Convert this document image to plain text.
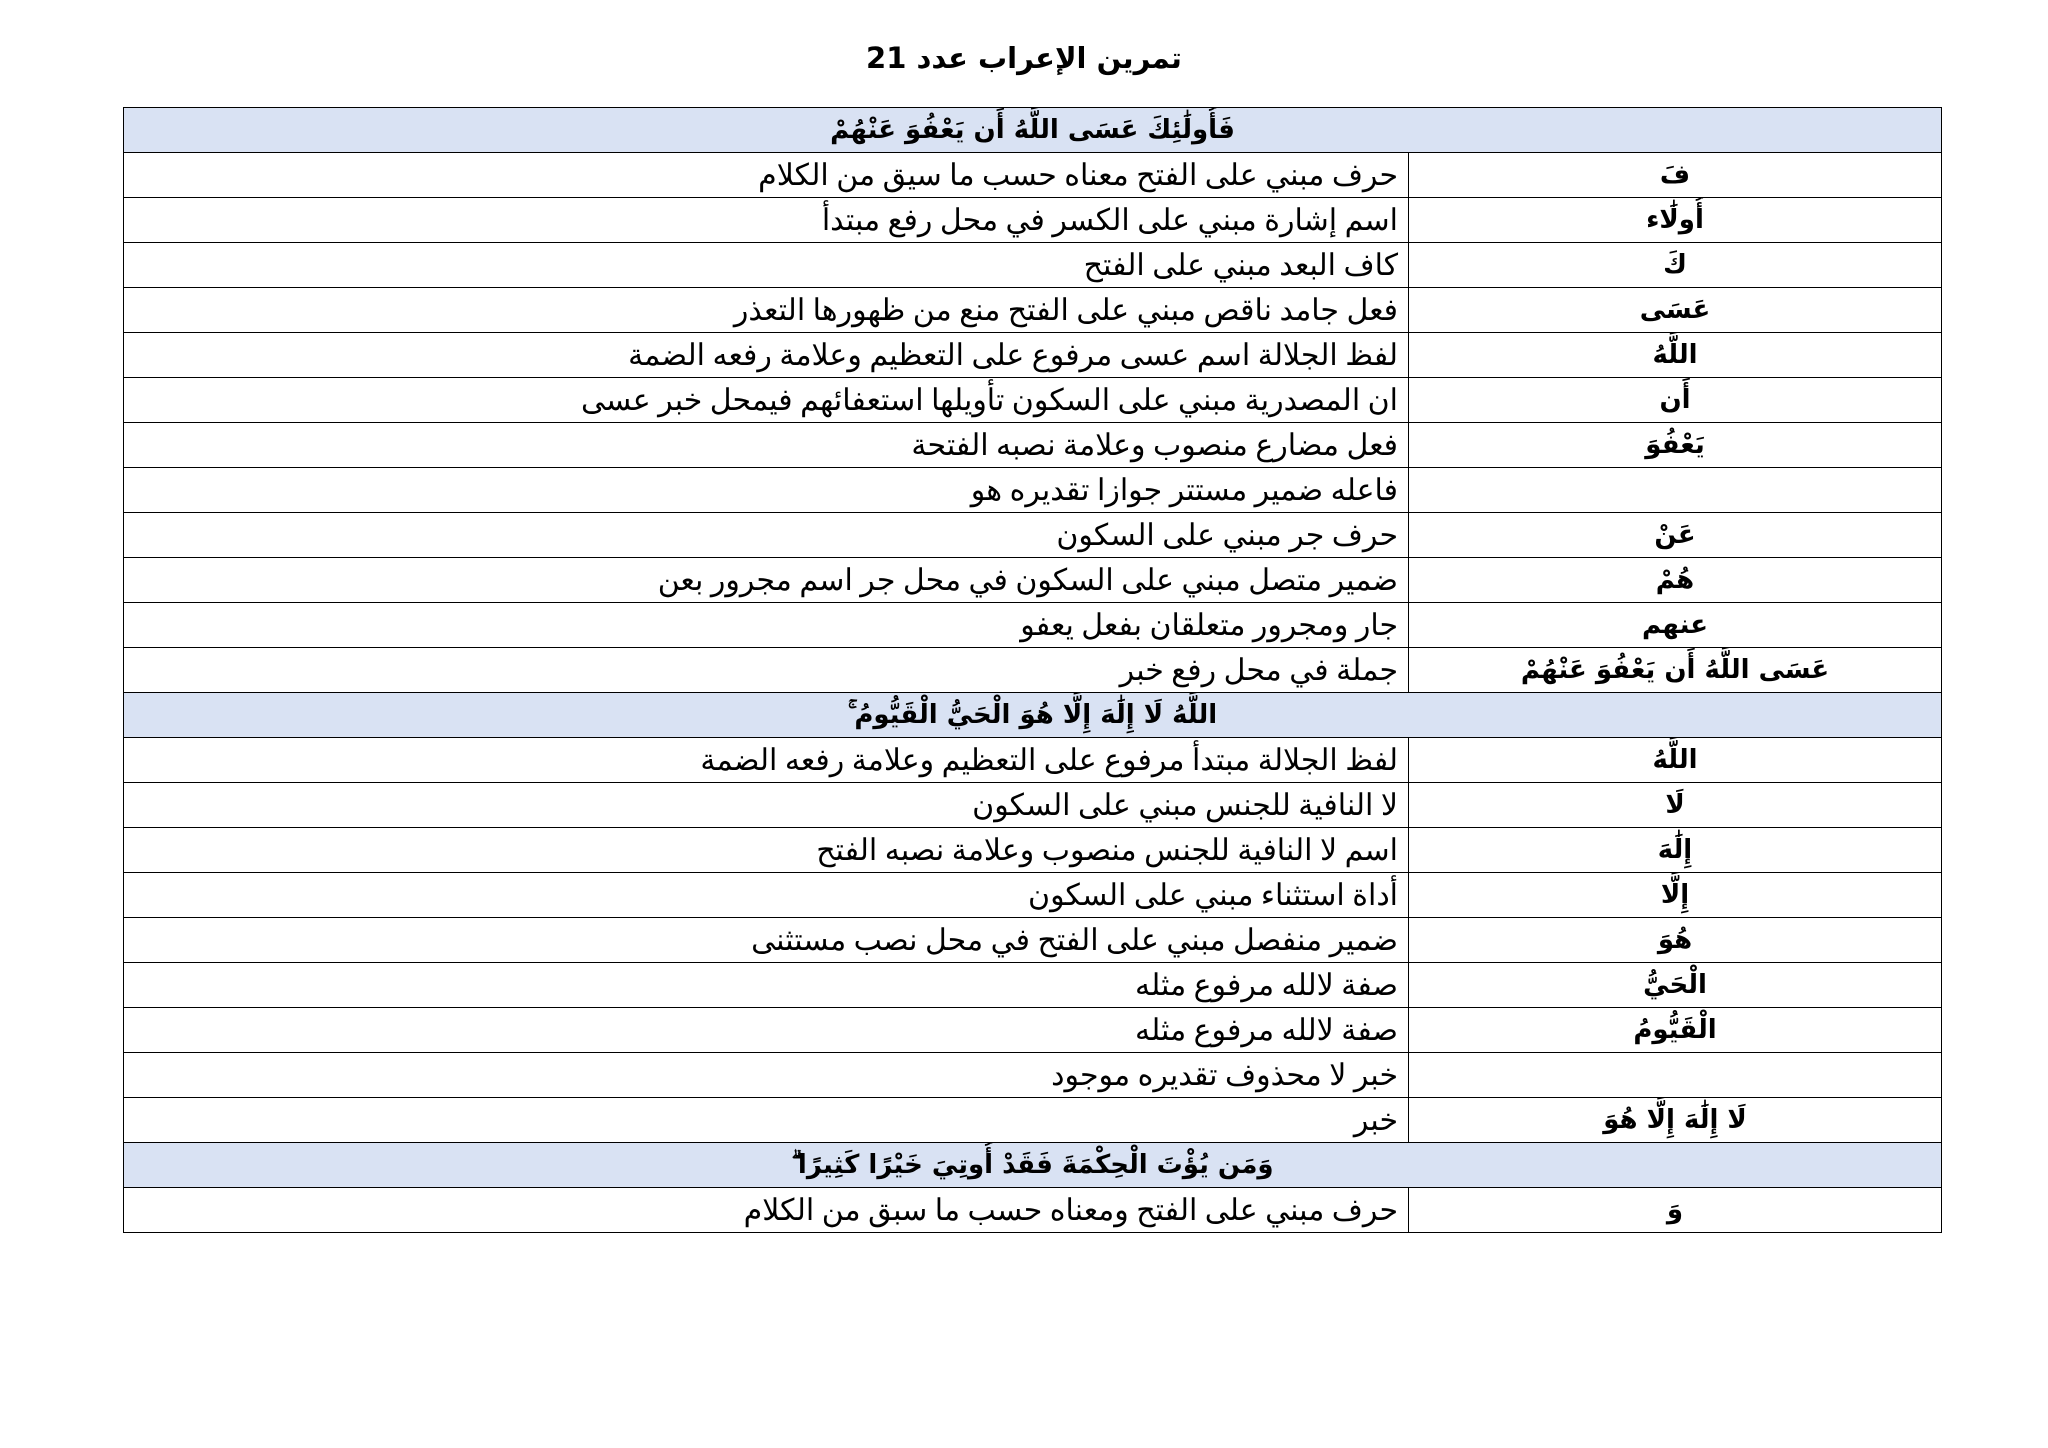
تمرين الإعراب عدد 21
فَأُولَٰئِكَ عَسَى اللَّهُ أَن يَعْفُوَ عَنْهُمْ	
فَ	حرف مبني على الفتح معناه حسب ما سيق من الكلام
أُولَٰاء	اسم إشارة مبني على الكسر في محل رفع مبتدأ
كَ	كاف البعد مبني على الفتح
عَسَى	فعل جامد ناقص مبني على الفتح منع من ظهورها التعذر
اللَّهُ	لفظ الجلالة اسم عسى مرفوع على التعظيم وعلامة رفعه الضمة
أَن	ان المصدرية مبني على السكون تأويلها استعفائهم فيمحل خبر عسى
يَعْفُوَ	فعل مضارع منصوب وعلامة نصبه الفتحة
	فاعله ضمير مستتر جوازا تقديره هو
عَنْ	حرف جر مبني على السكون
هُمْ	ضمير متصل مبني على السكون في محل جر اسم مجرور بعن
عنهم	جار ومجرور متعلقان بفعل يعفو
عَسَى اللَّهُ أَن يَعْفُوَ عَنْهُمْ	جملة في محل رفع خبر
اللَّهُ لَا إِلَٰهَ إِلَّا هُوَ الْحَيُّ الْقَيُّومُ ۚ	
اللَّهُ	لفظ الجلالة مبتدأ مرفوع على التعظيم وعلامة رفعه الضمة
لَا	لا النافية للجنس مبني على السكون
إِلَٰهَ	اسم لا النافية للجنس منصوب وعلامة نصبه الفتح
إِلَّا	أداة استثناء مبني على السكون
هُوَ	ضمير منفصل مبني على الفتح في محل نصب مستثنى
الْحَيُّ	صفة لالله مرفوع مثله
الْقَيُّومُ	صفة لالله مرفوع مثله
	خبر لا محذوف تقديره موجود
لَا إِلَٰهَ إِلَّا هُوَ	خبر
وَمَن يُؤْتَ الْحِكْمَةَ فَقَدْ أُوتِيَ خَيْرًا كَثِيرًا ۗ	
وَ	حرف مبني على الفتح ومعناه حسب ما سبق من الكلام
